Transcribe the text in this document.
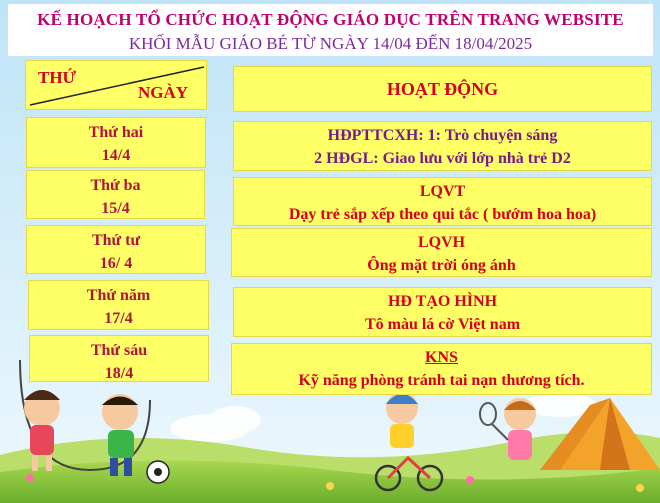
KẾ HOẠCH TỔ CHỨC HOẠT ĐỘNG GIÁO DỤC TRÊN TRANG WEBSITE
KHỐI MẪU GIÁO BÉ TỪ NGÀY 14/04 ĐẾN 18/04/2025
THỨ
NGÀY	HOẠT ĐỘNG
Thứ hai
14/4
HĐPTTCXH: 1: Trò chuyện sáng
2 HĐGL: Giao lưu với lớp nhà trẻ D2
Thứ ba
15/4
LQVT
Dạy trẻ sắp xếp theo qui tắc ( bướm hoa hoa)
Thứ tư
16/ 4
LQVH
Ông mặt trời óng ánh
Thứ năm
17/4
HĐ TẠO HÌNH
Tô màu lá cờ Việt nam
Thứ sáu
18/4
KNS
Kỹ năng phòng tránh tai nạn thương tích.
